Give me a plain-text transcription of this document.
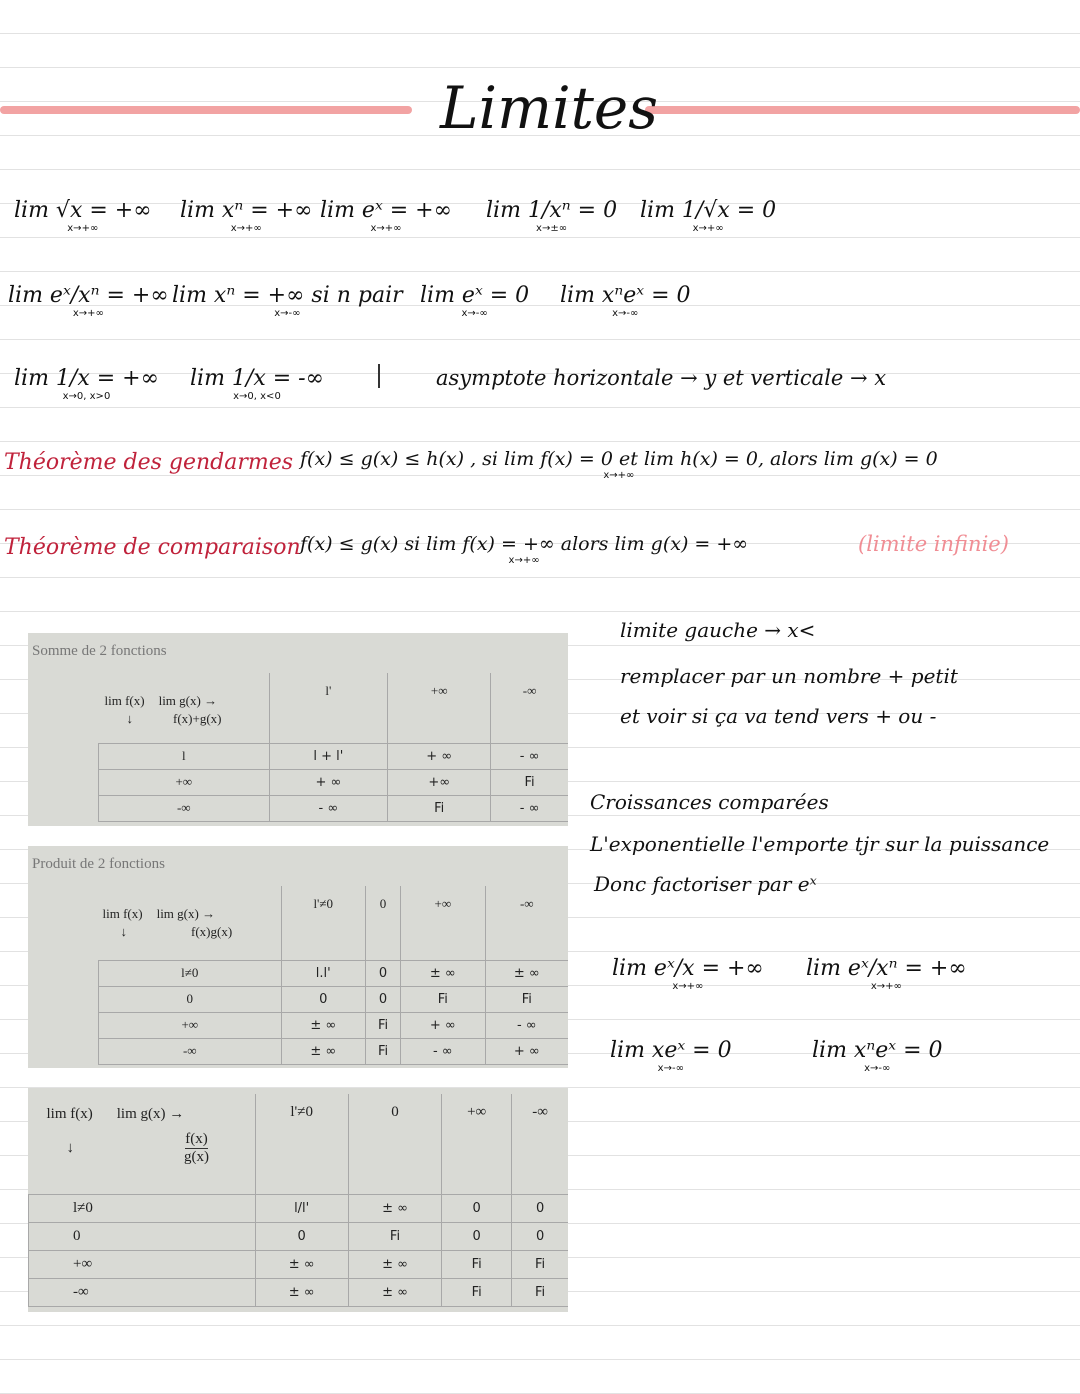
Limites
lim √x = +∞
x→+∞
lim xⁿ = +∞
x→+∞
lim eˣ = +∞
x→+∞
lim 1/xⁿ = 0
x→±∞
lim 1/√x = 0
x→+∞
lim eˣ/xⁿ = +∞
x→+∞
lim xⁿ = +∞ si n pair
x→-∞
lim eˣ = 0
x→-∞
lim xⁿeˣ = 0
x→-∞
lim 1/x = +∞
x→0, x>0
lim 1/x = -∞
x→0, x<0
asymptote horizontale → y et verticale → x
Théorème des gendarmes f(x) ≤ g(x) ≤ h(x) , si lim f(x) = 0 et lim h(x) = 0, alors lim g(x) = 0
x→+∞
Théorème de comparaison f(x) ≤ g(x) si lim f(x) = +∞ alors lim g(x) = +∞
x→+∞
(limite infinie)
limite gauche → x<
remplacer par un nombre + petit
et voir si ça va tend vers + ou -
Croissances comparées
L'exponentielle l'emporte tjr sur la puissance
Donc factoriser par eˣ
lim eˣ/x = +∞
x→+∞
lim eˣ/xⁿ = +∞
x→+∞
lim xeˣ = 0
x→-∞
lim xⁿeˣ = 0
x→-∞
Somme de 2 fonctions
lim f(x) lim g(x) →
↓ f(x)+g(x)	l'	+∞	-∞
l	l + l'	+ ∞	- ∞
+∞	+ ∞	+∞	Fi
-∞	- ∞	Fi	- ∞
Produit de 2 fonctions
lim f(x) lim g(x) →
↓ f(x)g(x)	l'≠0	0	+∞	-∞
l≠0	l.l'	0	± ∞	± ∞
0	0	0	Fi	Fi
+∞	± ∞	Fi	+ ∞	- ∞
-∞	± ∞	Fi	- ∞	+ ∞
lim f(x) lim g(x) →
↓
f(x)
g(x)	l'≠0	0	+∞	-∞
l≠0	l/l'	± ∞	0	0
0	0	Fi	0	0
+∞	± ∞	± ∞	Fi	Fi
-∞	± ∞	± ∞	Fi	Fi
